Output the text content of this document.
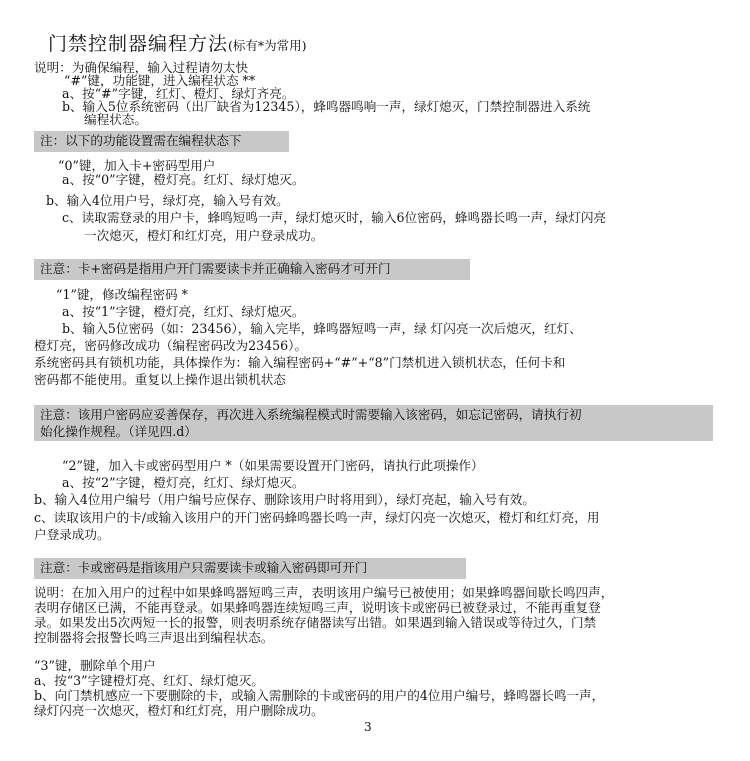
门禁控制器编程方法(标有*为常用)
说明：为确保编程，输入过程请勿太快
“#”键，功能键，进入编程状态 **
a、按“#”字键，红灯、橙灯、绿灯齐亮。
b、输入5位系统密码（出厂缺省为12345），蜂鸣器鸣响一声，绿灯熄灭，门禁控制器进入系统
编程状态。
注：以下的功能设置需在编程状态下
“0”键，加入卡+密码型用户
a、按“0”字键，橙灯亮。红灯、绿灯熄灭。
b、输入4位用户号，绿灯亮，输入号有效。
c、读取需登录的用户卡，蜂鸣短鸣一声，绿灯熄灭时，输入6位密码，蜂鸣器长鸣一声，绿灯闪亮
一次熄灭，橙灯和红灯亮，用户登录成功。
注意：卡+密码是指用户开门需要读卡并正确输入密码才可开门
“1”键，修改编程密码 *
a、按“1”字键，橙灯亮，红灯、绿灯熄灭。
b、输入5位密码（如：23456），输入完毕，蜂鸣器短鸣一声，绿 灯闪亮一次后熄灭，红灯、
橙灯亮，密码修改成功（编程密码改为23456）。
系统密码具有锁机功能，具体操作为：输入编程密码+“#”+“8”门禁机进入锁机状态，任何卡和
密码都不能使用。重复以上操作退出锁机状态
注意：该用户密码应妥善保存，再次进入系统编程模式时需要输入该密码，如忘记密码，请执行初
始化操作规程。（详见四.d）
“2”键，加入卡或密码型用户 *（如果需要设置开门密码，请执行此项操作）
a、按“2”字键，橙灯亮，红灯、绿灯熄灭。
b、输入4位用户编号（用户编号应保存、删除该用户时将用到），绿灯亮起，输入号有效。
c、读取该用户的卡/或输入该用户的开门密码蜂鸣器长鸣一声，绿灯闪亮一次熄灭，橙灯和红灯亮，用
户登录成功。
注意：卡或密码是指该用户只需要读卡或输入密码即可开门
说明：在加入用户的过程中如果蜂鸣器短鸣三声，表明该用户编号已被使用；如果蜂鸣器间歇长鸣四声，
表明存储区已满，不能再登录。如果蜂鸣器连续短鸣三声，说明该卡或密码已被登录过，不能再重复登
录。如果发出5次两短一长的报警，则表明系统存储器读写出错。如果遇到输入错误或等待过久，门禁
控制器将会报警长鸣三声退出到编程状态。
“3”键，删除单个用户
a、按“3”字键橙灯亮、红灯、绿灯熄灭。
b、向门禁机感应一下要删除的卡，或输入需删除的卡或密码的用户的4位用户编号，蜂鸣器长鸣一声，
绿灯闪亮一次熄灭，橙灯和红灯亮，用户删除成功。
3
